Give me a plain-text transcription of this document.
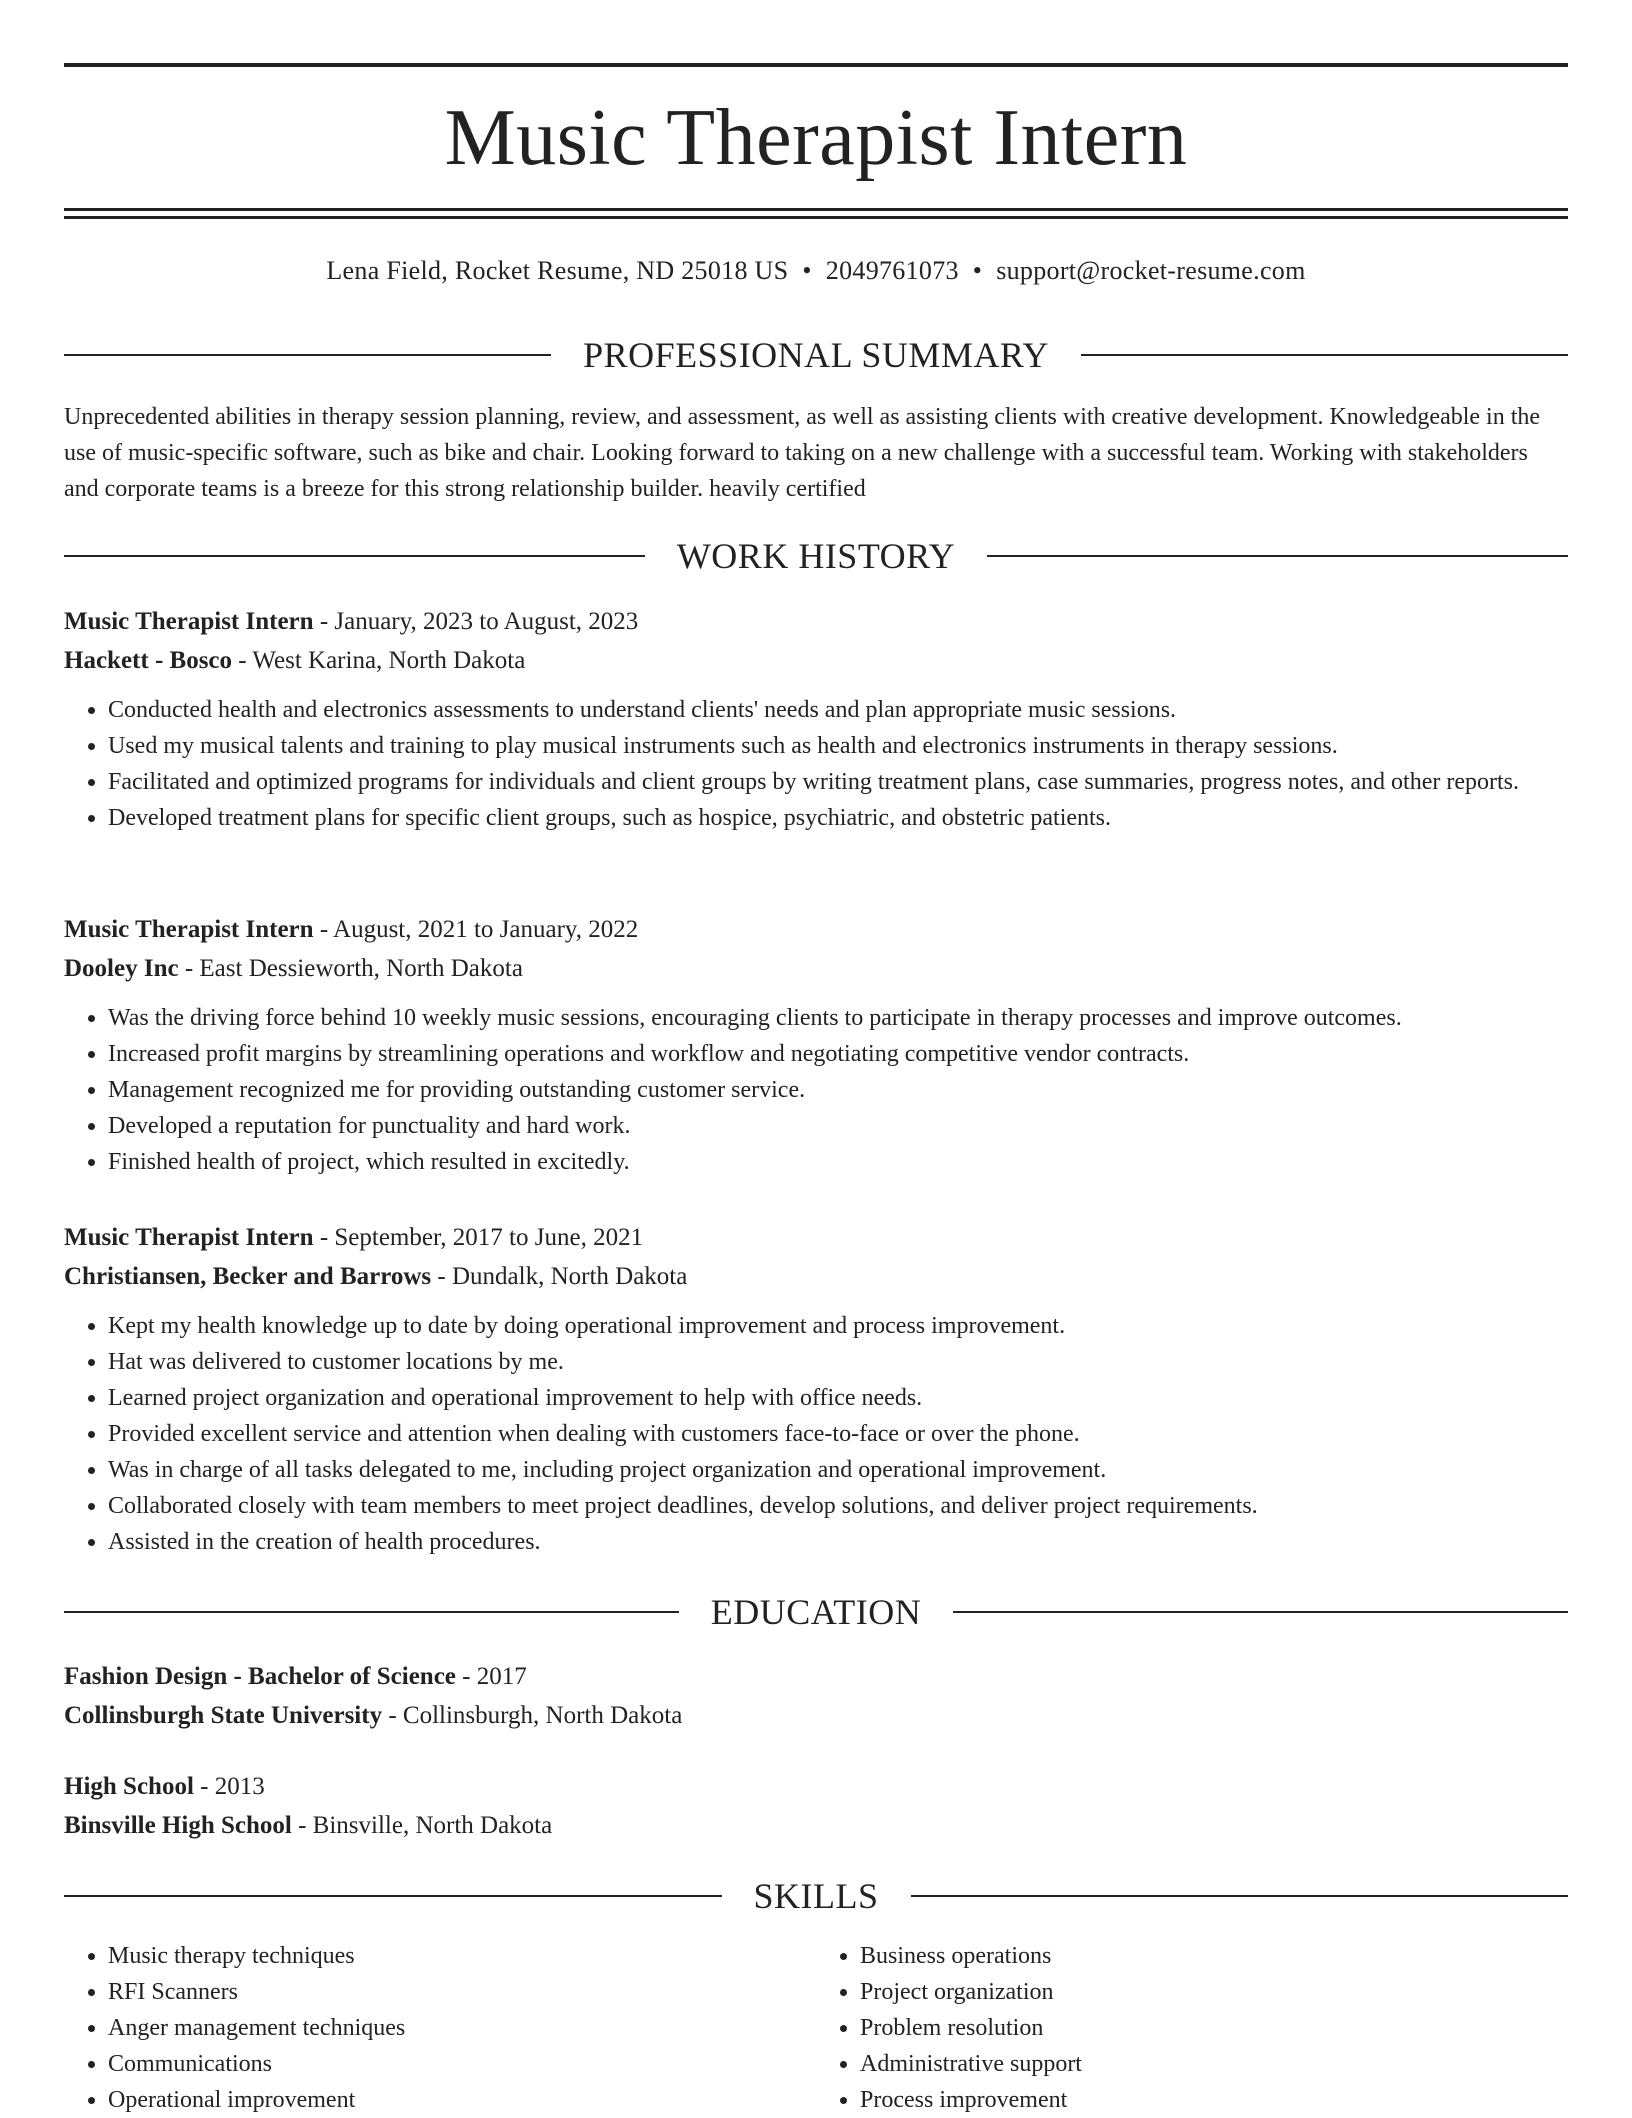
Music Therapist Intern
Lena Field, Rocket Resume, ND 25018 US • 2049761073 • support@rocket-resume.com
PROFESSIONAL SUMMARY
Unprecedented abilities in therapy session planning, review, and assessment, as well as assisting clients with creative development. Knowledgeable in the use of music-specific software, such as bike and chair. Looking forward to taking on a new challenge with a successful team. Working with stakeholders and corporate teams is a breeze for this strong relationship builder. heavily certified
WORK HISTORY
Music Therapist Intern - January, 2023 to August, 2023
Hackett - Bosco - West Karina, North Dakota
• Conducted health and electronics assessments to understand clients' needs and plan appropriate music sessions.
• Used my musical talents and training to play musical instruments such as health and electronics instruments in therapy sessions.
• Facilitated and optimized programs for individuals and client groups by writing treatment plans, case summaries, progress notes, and other reports.
• Developed treatment plans for specific client groups, such as hospice, psychiatric, and obstetric patients.
Music Therapist Intern - August, 2021 to January, 2022
Dooley Inc - East Dessieworth, North Dakota
• Was the driving force behind 10 weekly music sessions, encouraging clients to participate in therapy processes and improve outcomes.
• Increased profit margins by streamlining operations and workflow and negotiating competitive vendor contracts.
• Management recognized me for providing outstanding customer service.
• Developed a reputation for punctuality and hard work.
• Finished health of project, which resulted in excitedly.
Music Therapist Intern - September, 2017 to June, 2021
Christiansen, Becker and Barrows - Dundalk, North Dakota
• Kept my health knowledge up to date by doing operational improvement and process improvement.
• Hat was delivered to customer locations by me.
• Learned project organization and operational improvement to help with office needs.
• Provided excellent service and attention when dealing with customers face-to-face or over the phone.
• Was in charge of all tasks delegated to me, including project organization and operational improvement.
• Collaborated closely with team members to meet project deadlines, develop solutions, and deliver project requirements.
• Assisted in the creation of health procedures.
EDUCATION
Fashion Design - Bachelor of Science - 2017
Collinsburgh State University - Collinsburgh, North Dakota
High School - 2013
Binsville High School - Binsville, North Dakota
SKILLS
• Music therapy techniques
• RFI Scanners
• Anger management techniques
• Communications
• Operational improvement
• Business operations
• Project organization
• Problem resolution
• Administrative support
• Process improvement
